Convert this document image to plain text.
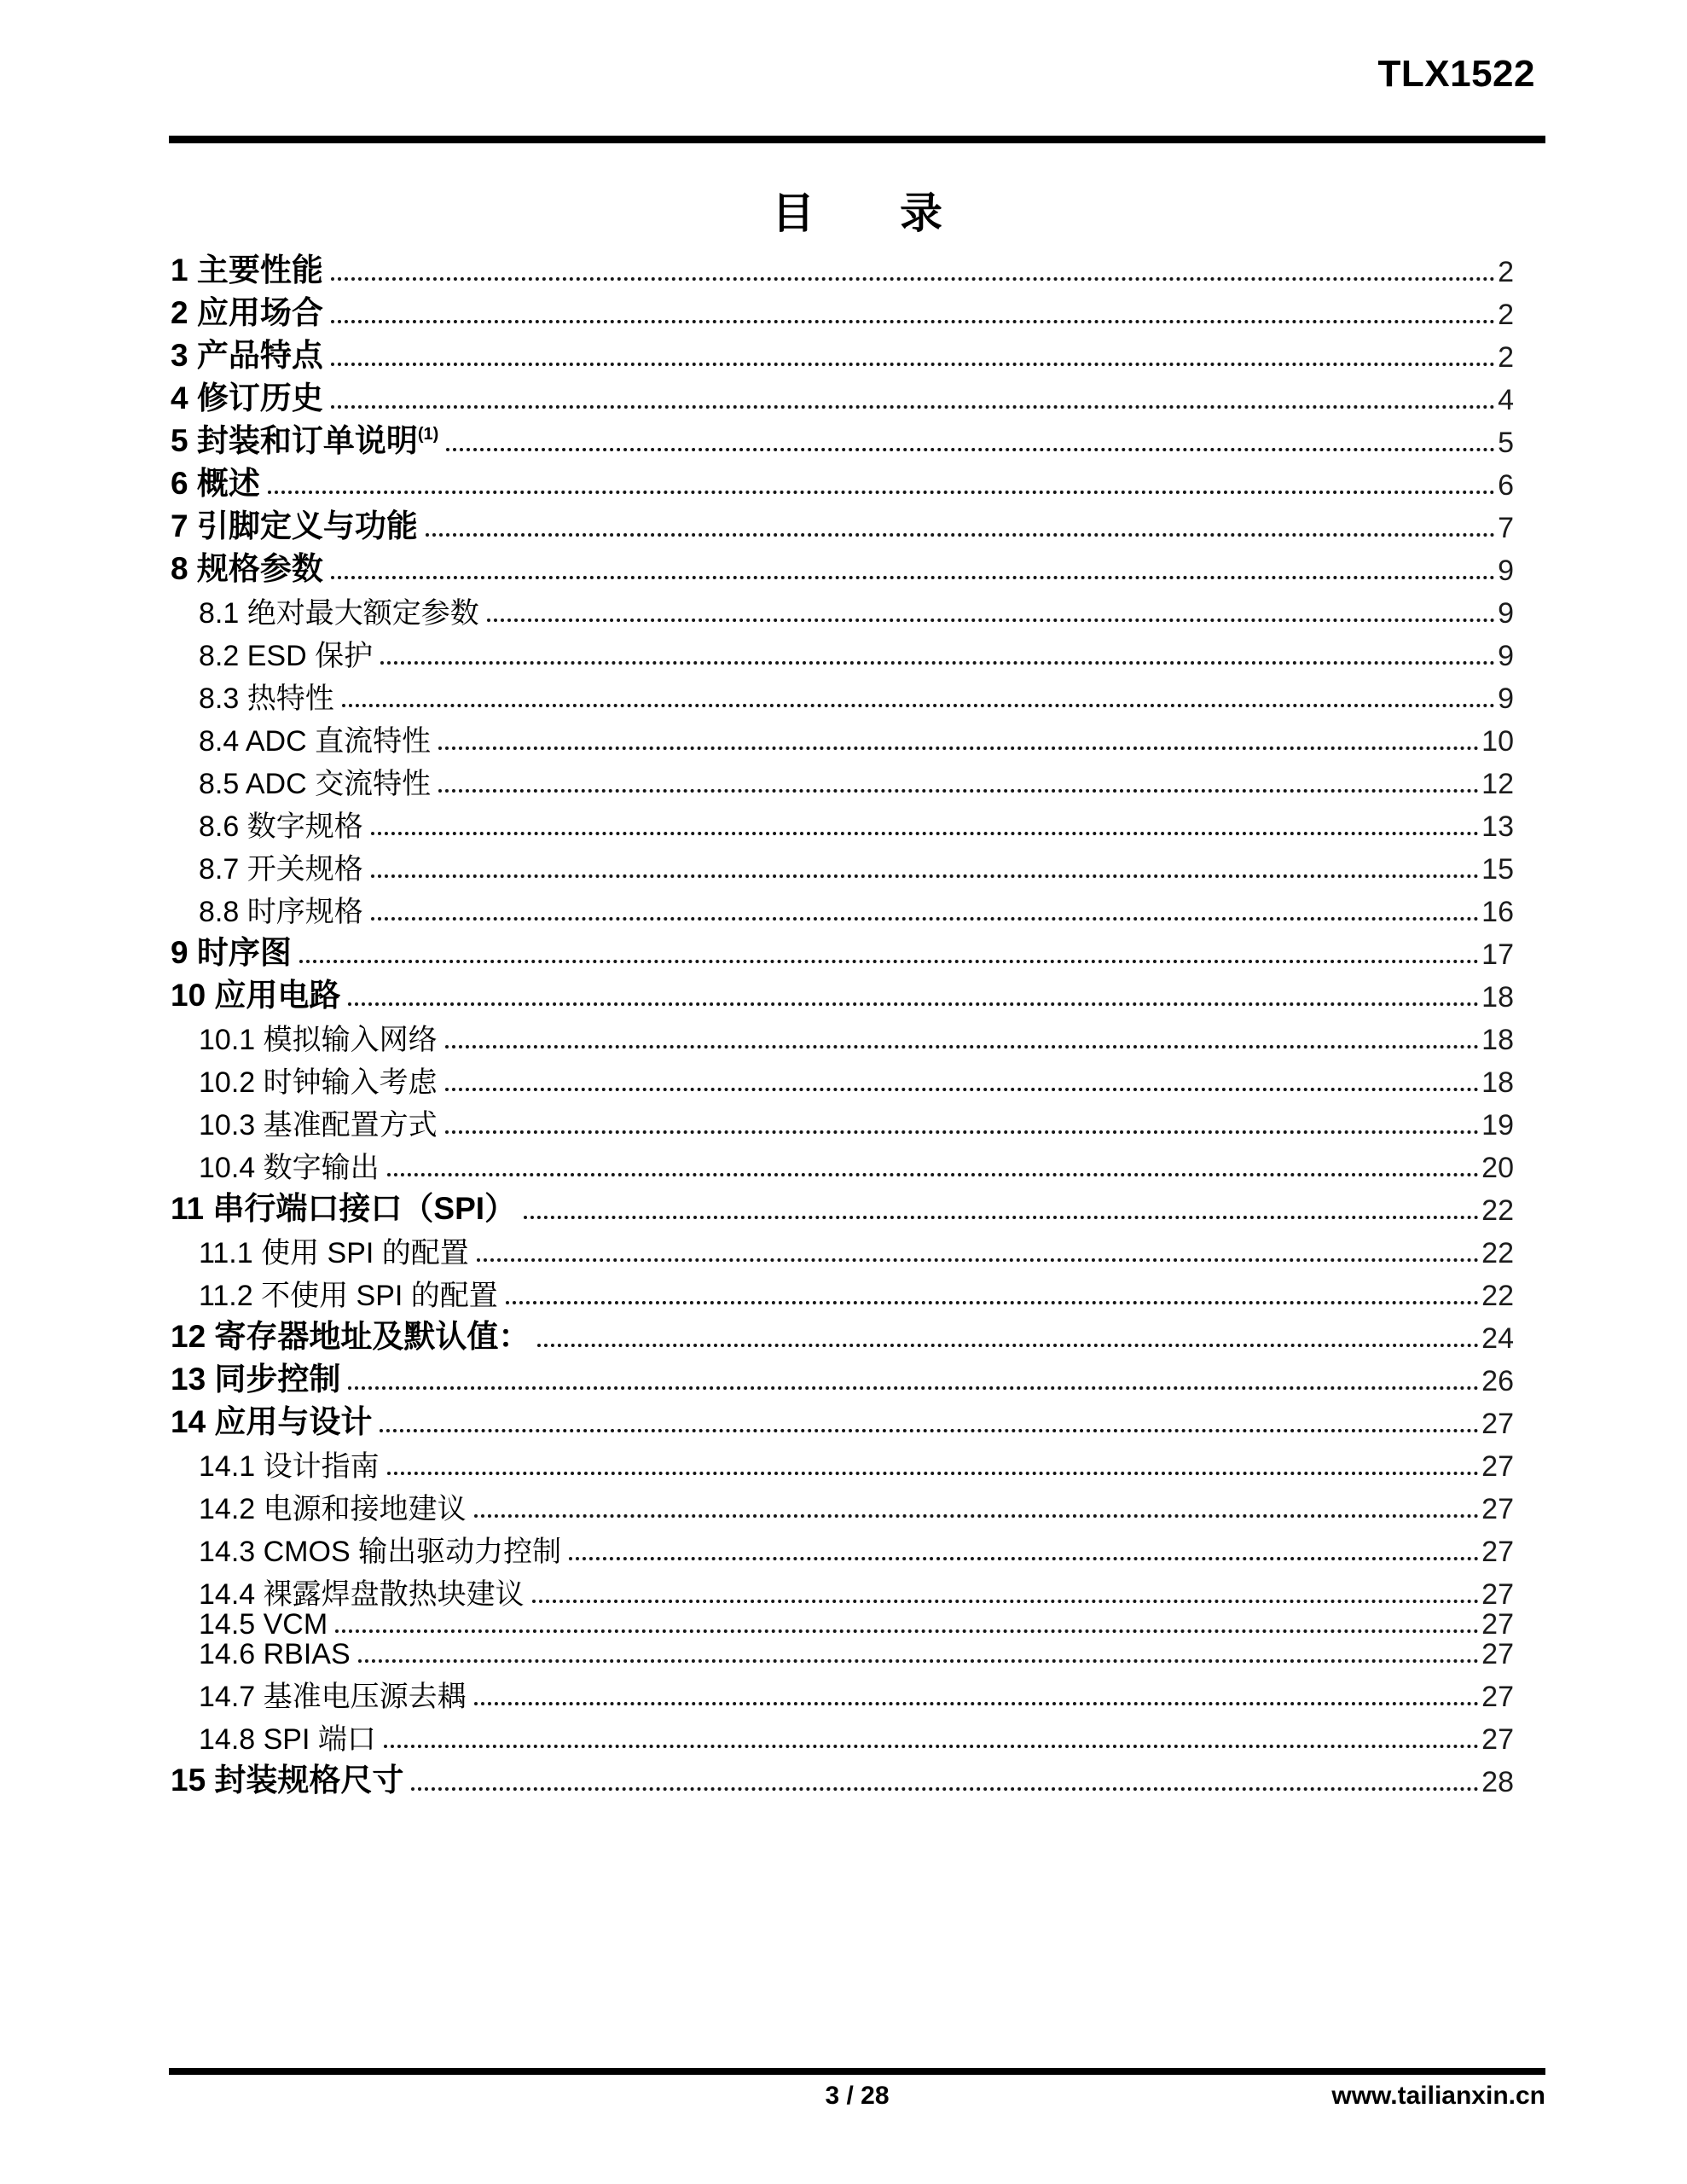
TLX1522
目　　录
1 主要性能	2
2 应用场合	2
3 产品特点	2
4 修订历史	4
5 封装和订单说明$^{(1)}$	5
6 概述	6
7 引脚定义与功能	7
8 规格参数	9
8.1 绝对最大额定参数	9
8.2 ESD 保护	9
8.3 热特性	9
8.4 ADC 直流特性	10
8.5 ADC 交流特性	12
8.6 数字规格	13
8.7 开关规格	15
8.8 时序规格	16
9 时序图	17
10 应用电路	18
10.1 模拟输入网络	18
10.2 时钟输入考虑	18
10.3 基准配置方式	19
10.4 数字输出	20
11 串行端口接口（SPI）	22
11.1 使用 SPI 的配置	22
11.2 不使用 SPI 的配置	22
12 寄存器地址及默认值：	24
13 同步控制	26
14 应用与设计	27
14.1 设计指南	27
14.2 电源和接地建议	27
14.3 CMOS 输出驱动力控制	27
14.4 裸露焊盘散热块建议	27
14.5 VCM	27
14.6 RBIAS	27
14.7 基准电压源去耦	27
14.8 SPI 端口	27
15 封装规格尺寸	28
3 / 28	www.tailianxin.cn
